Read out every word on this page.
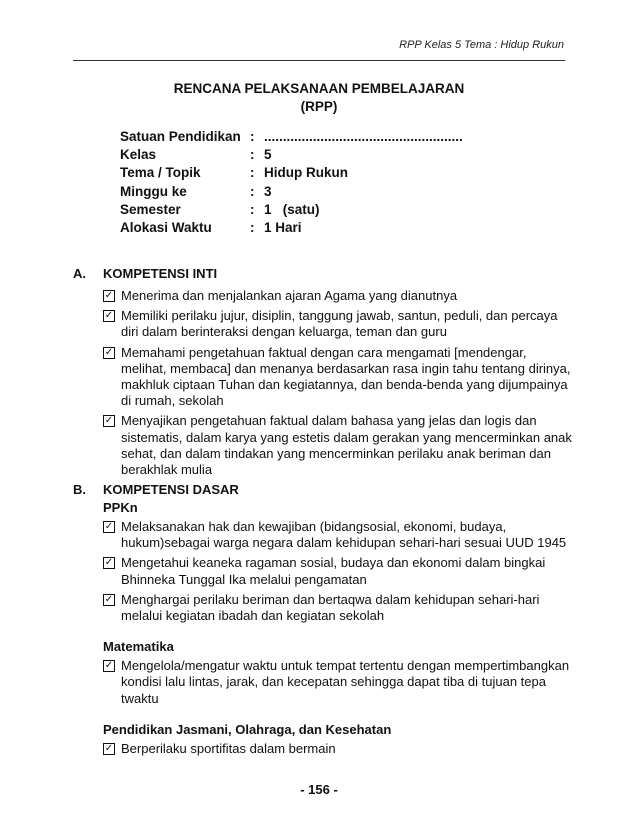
RPP Kelas 5 Tema : Hidup Rukun
RENCANA PELAKSANAAN PEMBELAJARAN
(RPP)
Satuan Pendidikan : .....................................................
Kelas	: 5
Tema / Topik	: Hidup Rukun
Minggu ke	: 3
Semester	: 1   (satu)
Alokasi Waktu	: 1 Hari
A. KOMPETENSI INTI
✓ Menerima dan menjalankan ajaran Agama yang dianutnya
✓ Memiliki perilaku jujur, disiplin, tanggung jawab, santun, peduli, dan percaya diri dalam berinteraksi dengan keluarga, teman dan guru
✓ Memahami pengetahuan faktual dengan cara mengamati [mendengar, melihat, membaca] dan menanya berdasarkan rasa ingin tahu tentang dirinya, makhluk ciptaan Tuhan dan kegiatannya, dan benda-benda yang dijumpainya di rumah, sekolah
✓ Menyajikan pengetahuan faktual dalam bahasa yang jelas dan logis dan sistematis, dalam karya yang estetis dalam gerakan yang mencerminkan anak sehat, dan dalam tindakan yang mencerminkan perilaku anak beriman dan berakhlak mulia
B. KOMPETENSI DASAR
PPKn
✓ Melaksanakan hak dan kewajiban (bidangsosial, ekonomi, budaya, hukum)sebagai warga negara dalam kehidupan sehari-hari sesuai UUD 1945
✓ Mengetahui keaneka ragaman sosial, budaya dan ekonomi dalam bingkai Bhinneka Tunggal Ika melalui pengamatan
✓ Menghargai perilaku beriman dan bertaqwa dalam kehidupan sehari-hari melalui kegiatan ibadah dan kegiatan sekolah
Matematika
✓ Mengelola/mengatur waktu untuk tempat tertentu dengan mempertimbangkan kondisi lalu lintas, jarak, dan kecepatan sehingga dapat tiba di tujuan tepa twaktu
Pendidikan Jasmani, Olahraga, dan Kesehatan
✓ Berperilaku sportifitas dalam bermain
- 156 -
